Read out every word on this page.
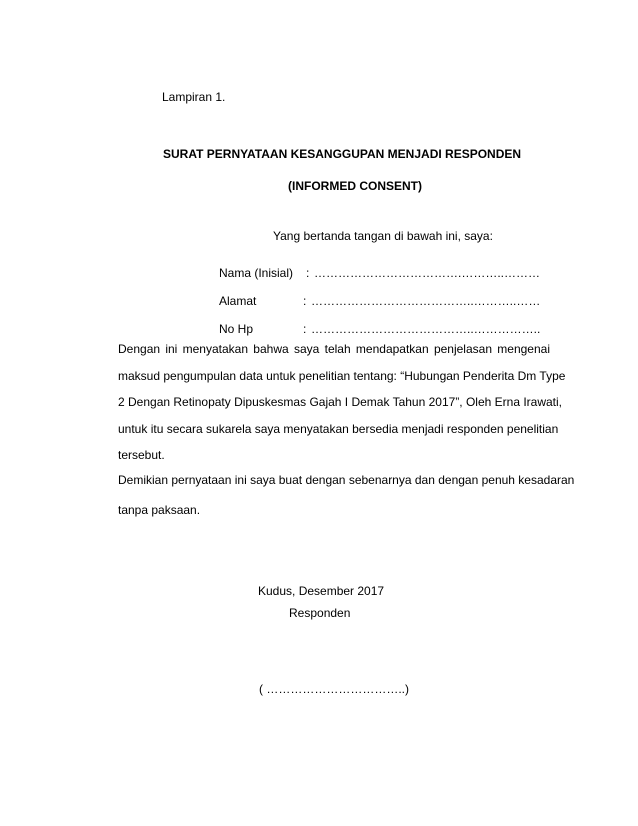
Lampiran 1.
SURAT PERNYATAAN KESANGGUPAN MENJADI RESPONDEN
(INFORMED CONSENT)
Yang bertanda tangan di bawah ini, saya:
Nama (Inisial) : ……………………………….………..………
Alamat	: …………………………………..………..……
No Hp	: …………………………………..……………..
Dengan ini menyatakan bahwa saya telah mendapatkan penjelasan mengenai
maksud pengumpulan data untuk penelitian tentang: “Hubungan Penderita Dm Type
2 Dengan Retinopaty Dipuskesmas Gajah I Demak Tahun 2017”, Oleh Erna Irawati,
untuk itu secara sukarela saya menyatakan bersedia menjadi responden penelitian
tersebut.
Demikian pernyataan ini saya buat dengan sebenarnya dan dengan penuh kesadaran
tanpa paksaan.
Kudus, Desember 2017
Responden
( ……………………………..)
